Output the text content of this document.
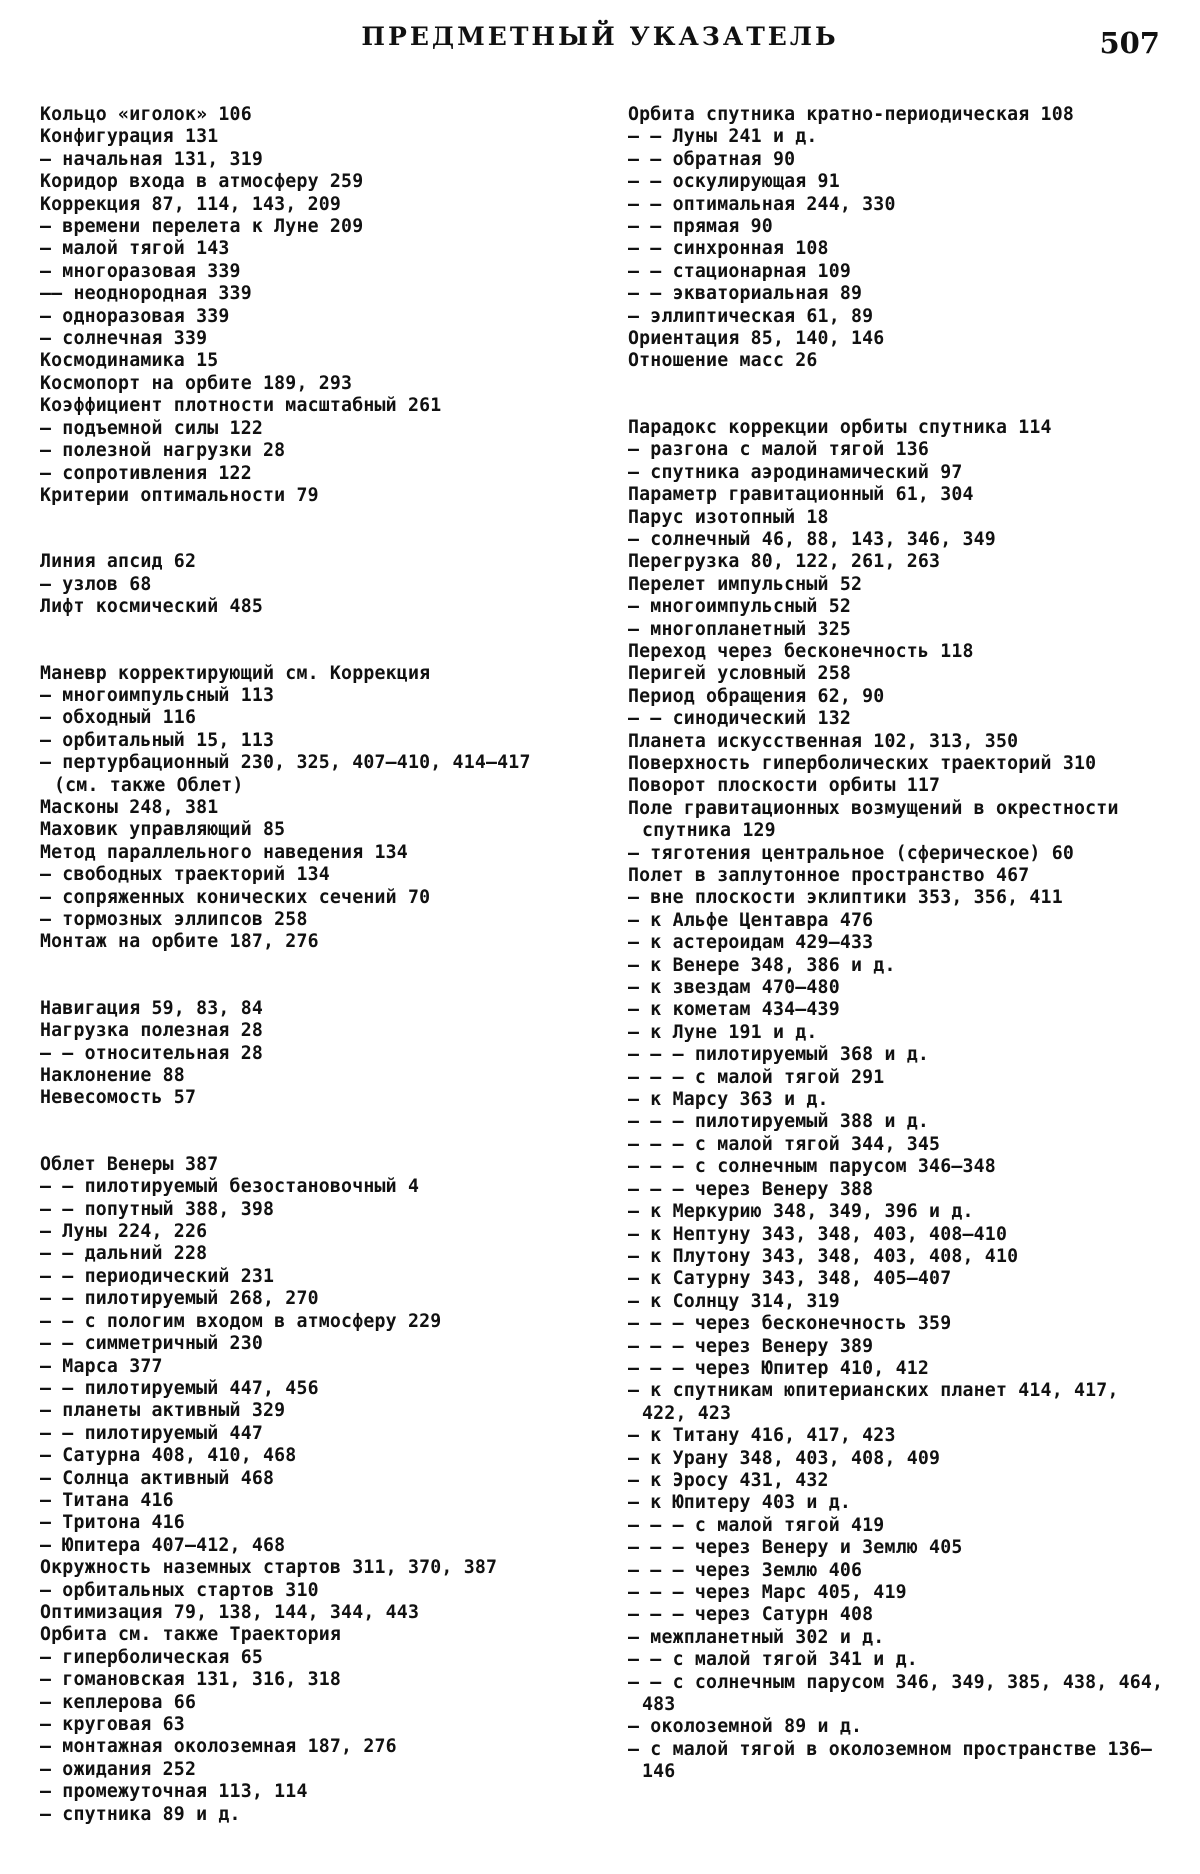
ПРЕДМЕТНЫЙ УКАЗАТЕЛЬ	507
Кольцо «иголок» 106
Конфигурация 131
— начальная 131, 319
Коридор входа в атмосферу 259
Коррекция 87, 114, 143, 209
— времени перелета к Луне 209
— малой тягой 143
— многоразовая 339
—— неоднородная 339
— одноразовая 339
— солнечная 339
Космодинамика 15
Космопорт на орбите 189, 293
Коэффициент плотности масштабный 261
— подъемной силы 122
— полезной нагрузки 28
— сопротивления 122
Критерии оптимальности 79
Линия апсид 62
— узлов 68
Лифт космический 485
Маневр корректирующий см. Коррекция
— многоимпульсный 113
— обходный 116
— орбитальный 15, 113
— пертурбационный 230, 325, 407—410, 414—417 (см. также Облет)
Масконы 248, 381
Маховик управляющий 85
Метод параллельного наведения 134
— свободных траекторий 134
— сопряженных конических сечений 70
— тормозных эллипсов 258
Монтаж на орбите 187, 276
Навигация 59, 83, 84
Нагрузка полезная 28
— — относительная 28
Наклонение 88
Невесомость 57
Облет Венеры 387
— — пилотируемый безостановочный 4
— — попутный 388, 398
— Луны 224, 226
— — дальний 228
— — периодический 231
— — пилотируемый 268, 270
— — с пологим входом в атмосферу 229
— — симметричный 230
— Марса 377
— — пилотируемый 447, 456
— планеты активный 329
— — пилотируемый 447
— Сатурна 408, 410, 468
— Солнца активный 468
— Титана 416
— Тритона 416
— Юпитера 407—412, 468
Окружность наземных стартов 311, 370, 387
— орбитальных стартов 310
Оптимизация 79, 138, 144, 344, 443
Орбита см. также Траектория
— гиперболическая 65
— гомановская 131, 316, 318
— кеплерова 66
— круговая 63
— монтажная околоземная 187, 276
— ожидания 252
— промежуточная 113, 114
— спутника 89 и д.
Орбита спутника кратно-периодическая 108
— — Луны 241 и д.
— — обратная 90
— — оскулирующая 91
— — оптимальная 244, 330
— — прямая 90
— — синхронная 108
— — стационарная 109
— — экваториальная 89
— эллиптическая 61, 89
Ориентация 85, 140, 146
Отношение масс 26
Парадокс коррекции орбиты спутника 114
— разгона с малой тягой 136
— спутника аэродинамический 97
Параметр гравитационный 61, 304
Парус изотопный 18
— солнечный 46, 88, 143, 346, 349
Перегрузка 80, 122, 261, 263
Перелет импульсный 52
— многоимпульсный 52
— многопланетный 325
Переход через бесконечность 118
Перигей условный 258
Период обращения 62, 90
— — синодический 132
Планета искусственная 102, 313, 350
Поверхность гиперболических траекторий 310
Поворот плоскости орбиты 117
Поле гравитационных возмущений в окрестности спутника 129
— тяготения центральное (сферическое) 60
Полет в заплутонное пространство 467
— вне плоскости эклиптики 353, 356, 411
— к Альфе Центавра 476
— к астероидам 429—433
— к Венере 348, 386 и д.
— к звездам 470—480
— к кометам 434—439
— к Луне 191 и д.
— — — пилотируемый 368 и д.
— — — с малой тягой 291
— к Марсу 363 и д.
— — — пилотируемый 388 и д.
— — — с малой тягой 344, 345
— — — с солнечным парусом 346—348
— — — через Венеру 388
— к Меркурию 348, 349, 396 и д.
— к Нептуну 343, 348, 403, 408—410
— к Плутону 343, 348, 403, 408, 410
— к Сатурну 343, 348, 405—407
— к Солнцу 314, 319
— — — через бесконечность 359
— — — через Венеру 389
— — — через Юпитер 410, 412
— к спутникам юпитерианских планет 414, 417, 422, 423
— к Титану 416, 417, 423
— к Урану 348, 403, 408, 409
— к Эросу 431, 432
— к Юпитеру 403 и д.
— — — с малой тягой 419
— — — через Венеру и Землю 405
— — — через Землю 406
— — — через Марс 405, 419
— — — через Сатурн 408
— межпланетный 302 и д.
— — с малой тягой 341 и д.
— — с солнечным парусом 346, 349, 385, 438, 464, 483
— околоземной 89 и д.
— с малой тягой в околоземном пространстве 136—146
